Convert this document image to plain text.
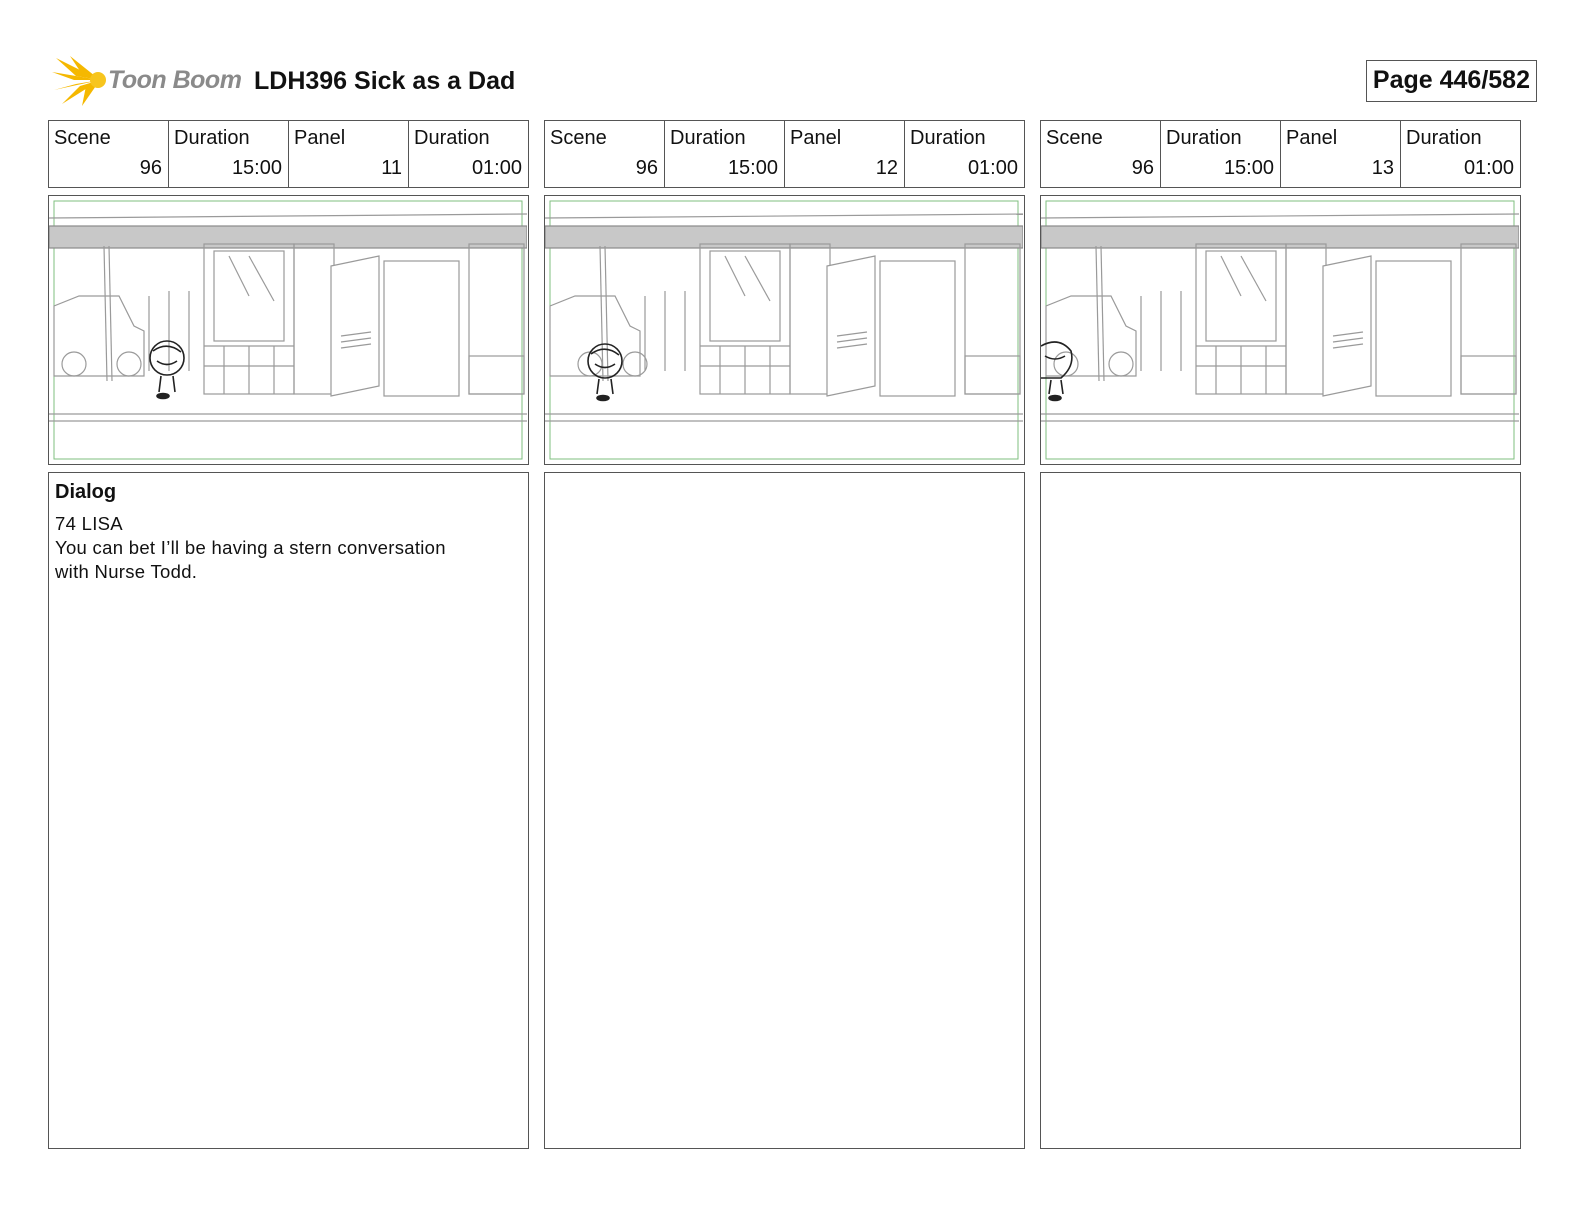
Toon Boom LDH396 Sick as a Dad	Page 446/582
Scene
96
Duration
15:00
Panel
11
Duration
01:00
Dialog
74 LISA
You can bet I’ll be having a stern conversation
with Nurse Todd.
Scene
96
Duration
15:00
Panel
12
Duration
01:00
Scene
96
Duration
15:00
Panel
13
Duration
01:00
